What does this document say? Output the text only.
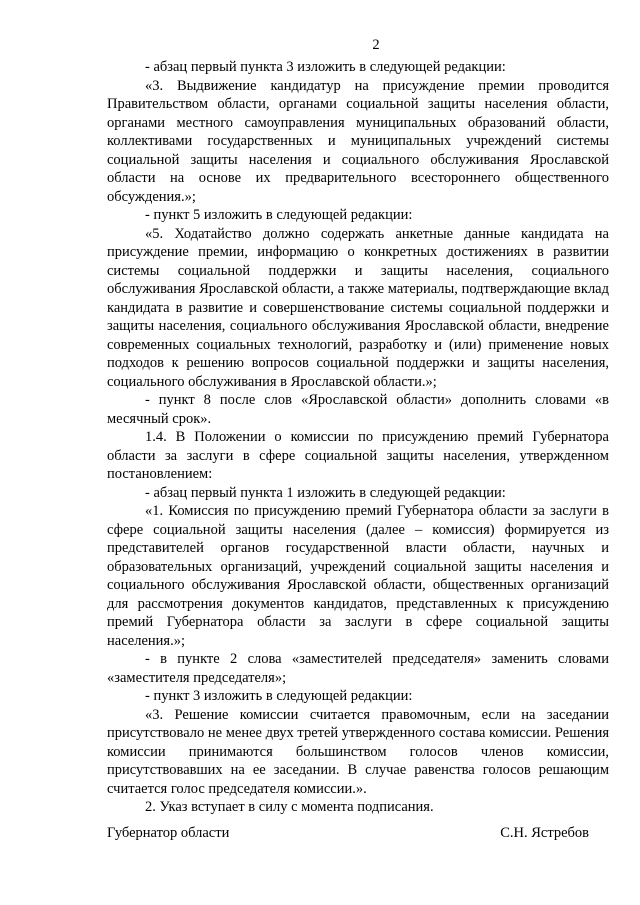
2

- абзац первый пункта 3 изложить в следующей редакции:

«3. Выдвижение кандидатур на присуждение премии проводится Правительством области, органами социальной защиты населения области, органами местного самоуправления муниципальных образований области, коллективами государственных и муниципальных учреждений системы социальной защиты населения и социального обслуживания Ярославской области на основе их предварительного всестороннего общественного обсуждения.»;

- пункт 5 изложить в следующей редакции:

«5. Ходатайство должно содержать анкетные данные кандидата на присуждение премии, информацию о конкретных достижениях в развитии системы социальной поддержки и защиты населения, социального обслуживания Ярославской области, а также материалы, подтверждающие вклад кандидата в развитие и совершенствование системы социальной поддержки и защиты населения, социального обслуживания Ярославской области, внедрение современных социальных технологий, разработку и (или) применение новых подходов к решению вопросов социальной поддержки и защиты населения, социального обслуживания в Ярославской области.»;

- пункт 8 после слов «Ярославской области» дополнить словами «в месячный срок».

1.4. В Положении о комиссии по присуждению премий Губернатора области за заслуги в сфере социальной защиты населения, утвержденном постановлением:

- абзац первый пункта 1 изложить в следующей редакции:

«1. Комиссия по присуждению премий Губернатора области за заслуги в сфере социальной защиты населения (далее – комиссия) формируется из представителей органов государственной власти области, научных и образовательных организаций, учреждений социальной защиты населения и социального обслуживания Ярославской области, общественных организаций для рассмотрения документов кандидатов, представленных к присуждению премий Губернатора области за заслуги в сфере социальной защиты населения.»;

- в пункте 2 слова «заместителей председателя» заменить словами «заместителя председателя»;

- пункт 3 изложить в следующей редакции:

«3. Решение комиссии считается правомочным, если на заседании присутствовало не менее двух третей утвержденного состава комиссии. Решения комиссии принимаются большинством голосов членов комиссии, присутствовавших на ее заседании. В случае равенства голосов решающим считается голос председателя комиссии.».

2. Указ вступает в силу с момента подписания.

Губернатор области	С.Н. Ястребов
